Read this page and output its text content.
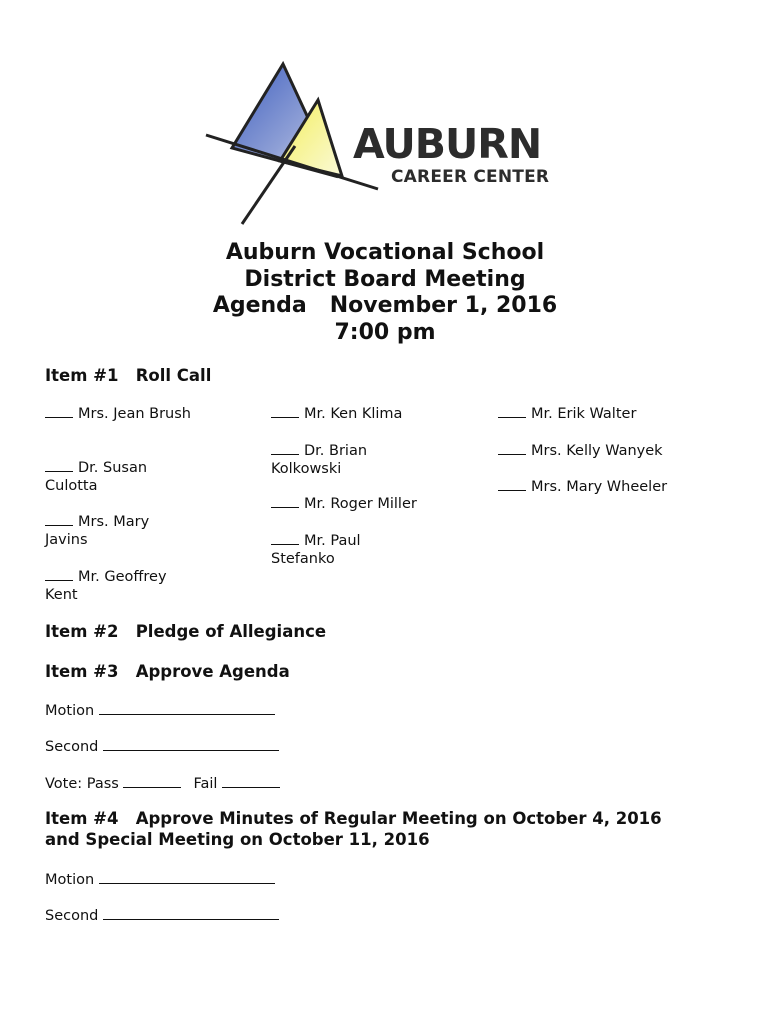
AUBURN
CAREER CENTER
Auburn Vocational School
District Board Meeting
Agenda   November 1, 2016
7:00 pm
Item #1   Roll Call
Mrs. Jean Brush
Dr. Susan Culotta
Mrs. Mary Javins
Mr. Geoffrey Kent
Mr. Ken Klima
Dr. Brian Kolkowski
Mr. Roger Miller
Mr. Paul Stefanko
Mr. Erik Walter
Mrs. Kelly Wanyek
Mrs. Mary Wheeler
Item #2   Pledge of Allegiance
Item #3   Approve Agenda
Motion
Second
Vote: Pass	Fail
Item #4   Approve Minutes of Regular Meeting on October 4, 2016
and Special Meeting on October 11, 2016
Motion
Second
